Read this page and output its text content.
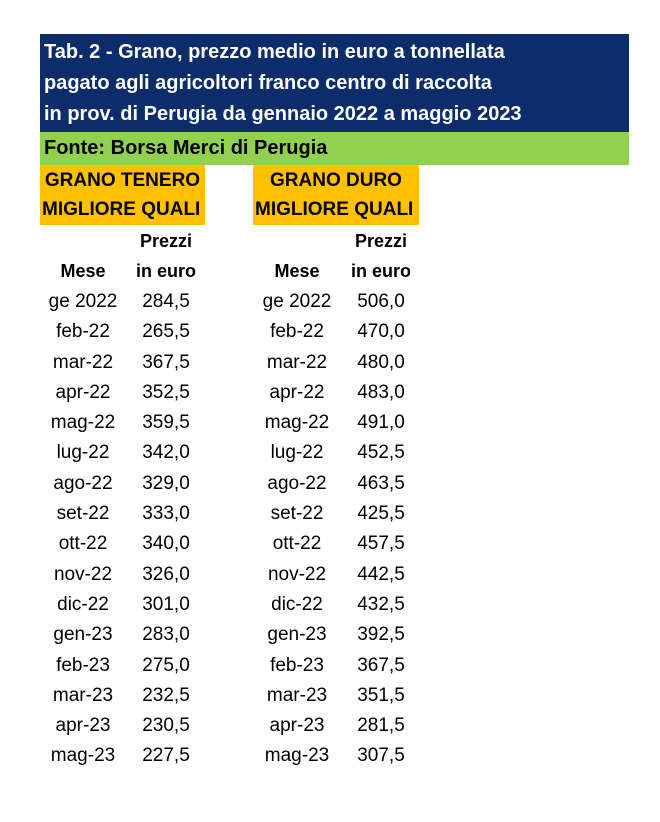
Tab. 2 - Grano, prezzo medio in euro a tonnellata
pagato agli agricoltori franco centro di raccolta
in prov. di Perugia da gennaio 2022 a maggio 2023
Fonte: Borsa Merci di Perugia
GRANO TENERO
MIGLIORE QUALI
GRANO DURO
MIGLIORE QUALI
Prezzi
Mese	in euro
Prezzi
Mese	in euro
ge 2022	284,5
feb-22	265,5
mar-22	367,5
apr-22	352,5
mag-22	359,5
lug-22	342,0
ago-22	329,0
set-22	333,0
ott-22	340,0
nov-22	326,0
dic-22	301,0
gen-23	283,0
feb-23	275,0
mar-23	232,5
apr-23	230,5
mag-23	227,5
ge 2022	506,0
feb-22	470,0
mar-22	480,0
apr-22	483,0
mag-22	491,0
lug-22	452,5
ago-22	463,5
set-22	425,5
ott-22	457,5
nov-22	442,5
dic-22	432,5
gen-23	392,5
feb-23	367,5
mar-23	351,5
apr-23	281,5
mag-23	307,5
